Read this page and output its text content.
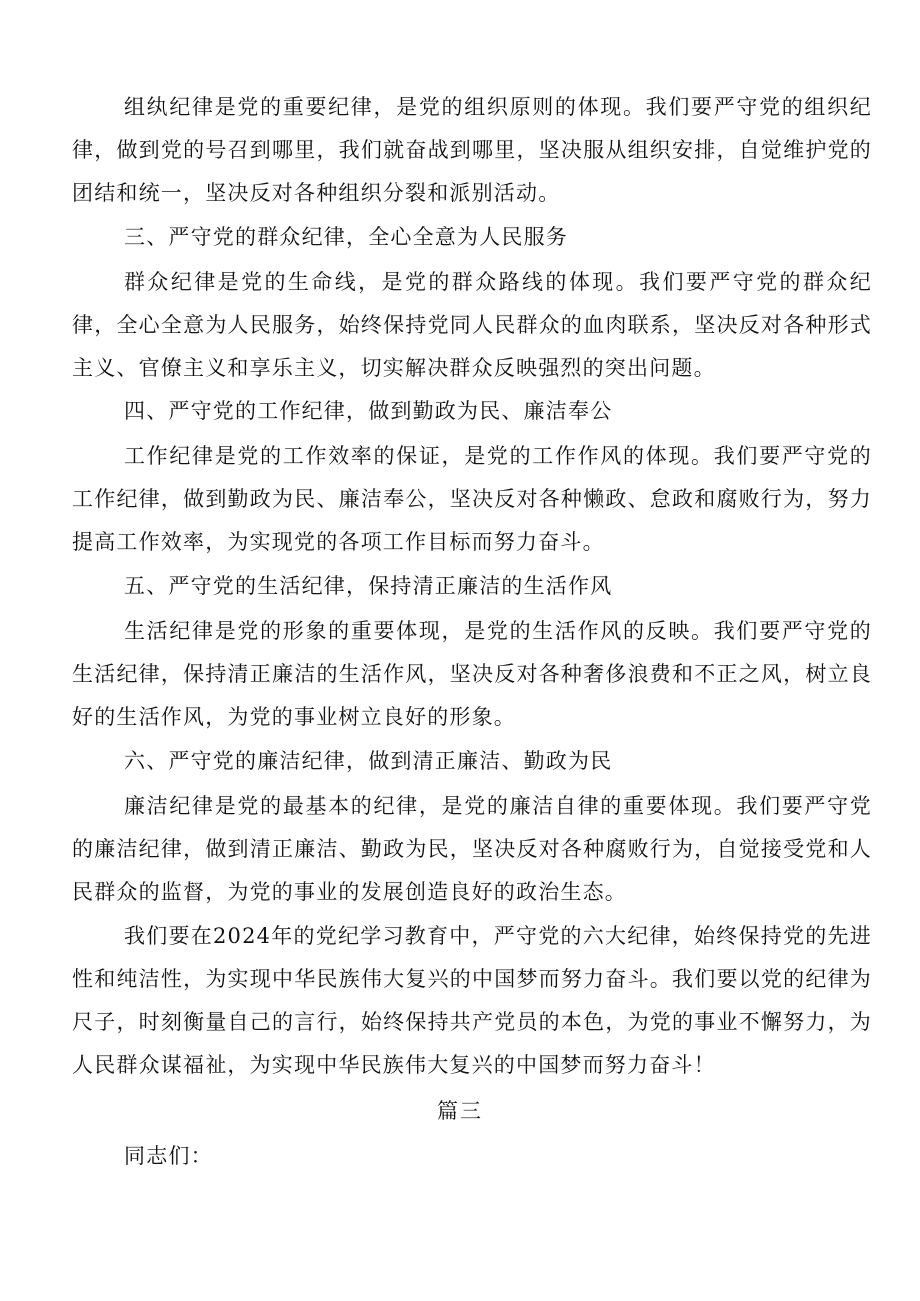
组纨纪律是党的重要纪律，是党的组织原则的体现。我们要严守党的组织纪律，做到党的号召到哪里，我们就奋战到哪里，坚决服从组织安排，自觉维护党的团结和统一，坚决反对各种组织分裂和派别活动。

三、严守党的群众纪律，全心全意为人民服务

群众纪律是党的生命线，是党的群众路线的体现。我们要严守党的群众纪律，全心全意为人民服务，始终保持党同人民群众的血肉联系，坚决反对各种形式主义、官僚主义和享乐主义，切实解决群众反映强烈的突出问题。

四、严守党的工作纪律，做到勤政为民、廉洁奉公

工作纪律是党的工作效率的保证，是党的工作作风的体现。我们要严守党的工作纪律，做到勤政为民、廉洁奉公，坚决反对各种懒政、怠政和腐败行为，努力提高工作效率，为实现党的各项工作目标而努力奋斗。

五、严守党的生活纪律，保持清正廉洁的生活作风

生活纪律是党的形象的重要体现，是党的生活作风的反映。我们要严守党的生活纪律，保持清正廉洁的生活作风，坚决反对各种奢侈浪费和不正之风，树立良好的生活作风，为党的事业树立良好的形象。

六、严守党的廉洁纪律，做到清正廉洁、勤政为民

廉洁纪律是党的最基本的纪律，是党的廉洁自律的重要体现。我们要严守党的廉洁纪律，做到清正廉洁、勤政为民，坚决反对各种腐败行为，自觉接受党和人民群众的监督，为党的事业的发展创造良好的政治生态。

我们要在2024年的党纪学习教育中，严守党的六大纪律，始终保持党的先进性和纯洁性，为实现中华民族伟大复兴的中国梦而努力奋斗。我们要以党的纪律为尺子，时刻衡量自己的言行，始终保持共产党员的本色，为党的事业不懈努力，为人民群众谋福祉，为实现中华民族伟大复兴的中国梦而努力奋斗！

篇三

同志们：
